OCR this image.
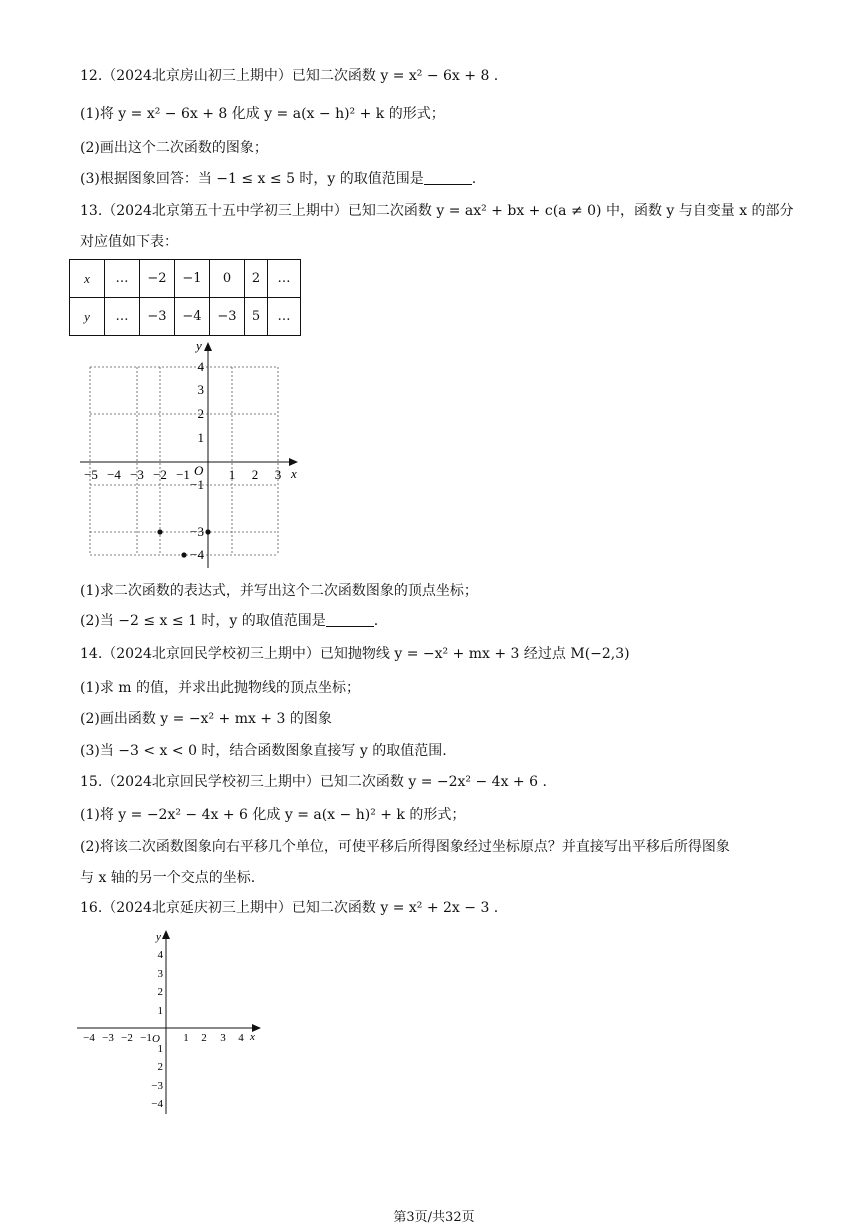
12.（2024北京房山初三上期中）已知二次函数 y = x² − 6x + 8 .
(1)将 y = x² − 6x + 8 化成 y = a(x − h)² + k 的形式；
(2)画出这个二次函数的图象；
(3)根据图象回答：当 −1 ≤ x ≤ 5 时，y 的取值范围是	.
13.（2024北京第五十五中学初三上期中）已知二次函数 y = ax² + bx + c(a ≠ 0) 中，函数 y 与自变量 x 的部分
对应值如下表：
x	…	−2	−1	0	2	…
y	…	−3	−4	−3	5	…
y
x
O
−5 −4 −3 −2 −1	1 2 3
4
3
2
1
−1
−3
−4
(1)求二次函数的表达式，并写出这个二次函数图象的顶点坐标；
(2)当 −2 ≤ x ≤ 1 时，y 的取值范围是	.
14.（2024北京回民学校初三上期中）已知抛物线 y = −x² + mx + 3 经过点 M(−2,3)
(1)求 m 的值，并求出此抛物线的顶点坐标；
(2)画出函数 y = −x² + mx + 3 的图象
(3)当 −3 < x < 0 时，结合函数图象直接写 y 的取值范围.
15.（2024北京回民学校初三上期中）已知二次函数 y = −2x² − 4x + 6 .
(1)将 y = −2x² − 4x + 6 化成 y = a(x − h)² + k 的形式；
(2)将该二次函数图象向右平移几个单位，可使平移后所得图象经过坐标原点？并直接写出平移后所得图象
与 x 轴的另一个交点的坐标.
16.（2024北京延庆初三上期中）已知二次函数 y = x² + 2x − 3 .
y
x
O
−4 −3 −2 −1	1 2 3 4
4
3
2
1
1
2
−3
−4
第3页/共32页
